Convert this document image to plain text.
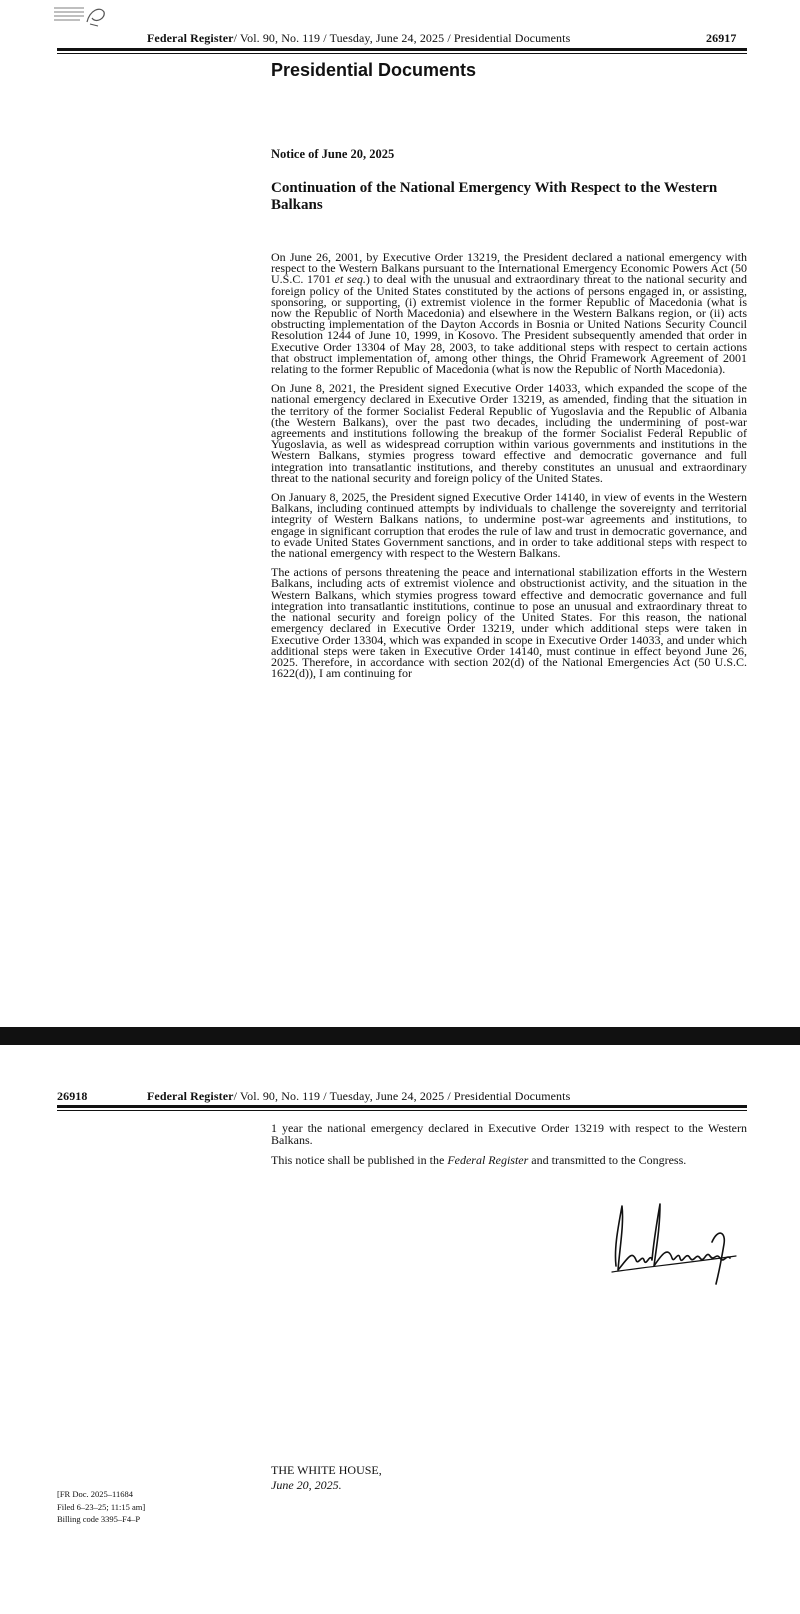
Federal Register/ Vol. 90, No. 119 / Tuesday, June 24, 2025 / Presidential Documents	26917
Presidential Documents
Notice of June 20, 2025
Continuation of the National Emergency With Respect to the Western Balkans

On June 26, 2001, by Executive Order 13219, the President declared a national emergency with respect to the Western Balkans pursuant to the International Emergency Economic Powers Act (50 U.S.C. 1701 et seq.) to deal with the unusual and extraordinary threat to the national security and foreign policy of the United States constituted by the actions of persons engaged in, or assisting, sponsoring, or supporting, (i) extremist violence in the former Republic of Macedonia (what is now the Republic of North Macedonia) and elsewhere in the Western Balkans region, or (ii) acts obstructing implementation of the Dayton Accords in Bosnia or United Nations Security Council Resolution 1244 of June 10, 1999, in Kosovo. The President subsequently amended that order in Executive Order 13304 of May 28, 2003, to take additional steps with respect to certain actions that obstruct implementation of, among other things, the Ohrid Framework Agreement of 2001 relating to the former Republic of Macedonia (what is now the Republic of North Macedonia).

On June 8, 2021, the President signed Executive Order 14033, which expanded the scope of the national emergency declared in Executive Order 13219, as amended, finding that the situation in the territory of the former Socialist Federal Republic of Yugoslavia and the Republic of Albania (the Western Balkans), over the past two decades, including the undermining of post-war agreements and institutions following the breakup of the former Socialist Federal Republic of Yugoslavia, as well as widespread corruption within various governments and institutions in the Western Balkans, stymies progress toward effective and democratic governance and full integration into transatlantic institutions, and thereby constitutes an unusual and extraordinary threat to the national security and foreign policy of the United States.

On January 8, 2025, the President signed Executive Order 14140, in view of events in the Western Balkans, including continued attempts by individuals to challenge the sovereignty and territorial integrity of Western Balkans nations, to undermine post-war agreements and institutions, to engage in significant corruption that erodes the rule of law and trust in democratic governance, and to evade United States Government sanctions, and in order to take additional steps with respect to the national emergency with respect to the Western Balkans.

The actions of persons threatening the peace and international stabilization efforts in the Western Balkans, including acts of extremist violence and obstructionist activity, and the situation in the Western Balkans, which stymies progress toward effective and democratic governance and full integration into transatlantic institutions, continue to pose an unusual and extraordinary threat to the national security and foreign policy of the United States. For this reason, the national emergency declared in Executive Order 13219, under which additional steps were taken in Executive Order 13304, which was expanded in scope in Executive Order 14033, and under which additional steps were taken in Executive Order 14140, must continue in effect beyond June 26, 2025. Therefore, in accordance with section 202(d) of the National Emergencies Act (50 U.S.C. 1622(d)), I am continuing for

26918	Federal Register/ Vol. 90, No. 119 / Tuesday, June 24, 2025 / Presidential Documents

1 year the national emergency declared in Executive Order 13219 with respect to the Western Balkans.

This notice shall be published in the Federal Register and transmitted to the Congress.

THE WHITE HOUSE,
June 20, 2025.
[FR Doc. 2025–11684
Filed 6–23–25; 11:15 am]
Billing code 3395–F4–P
